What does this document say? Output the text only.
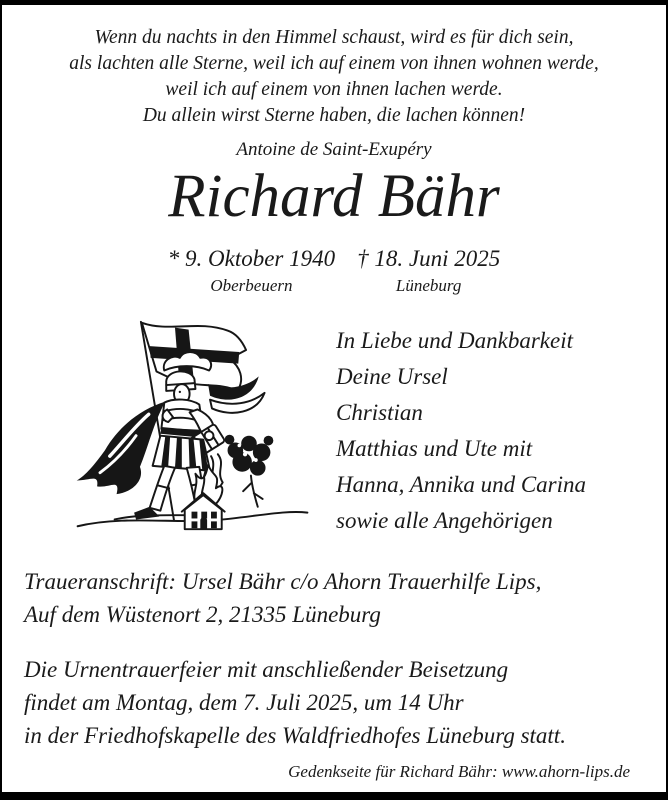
Wenn du nachts in den Himmel schaust, wird es für dich sein,
als lachten alle Sterne, weil ich auf einem von ihnen wohnen werde,
weil ich auf einem von ihnen lachen werde.
Du allein wirst Sterne haben, die lachen können!
Antoine de Saint-Exupéry
Richard Bähr
* 9. Oktober 1940
Oberbeuern
† 18. Juni 2025
Lüneburg
In Liebe und Dankbarkeit
Deine Ursel
Christian
Matthias und Ute mit
Hanna, Annika und Carina
sowie alle Angehörigen
Traueranschrift: Ursel Bähr c/o Ahorn Trauerhilfe Lips,
Auf dem Wüstenort 2, 21335 Lüneburg
Die Urnentrauerfeier mit anschließender Beisetzung
findet am Montag, dem 7. Juli 2025, um 14 Uhr
in der Friedhofskapelle des Waldfriedhofes Lüneburg statt.
Gedenkseite für Richard Bähr: www.ahorn-lips.de
